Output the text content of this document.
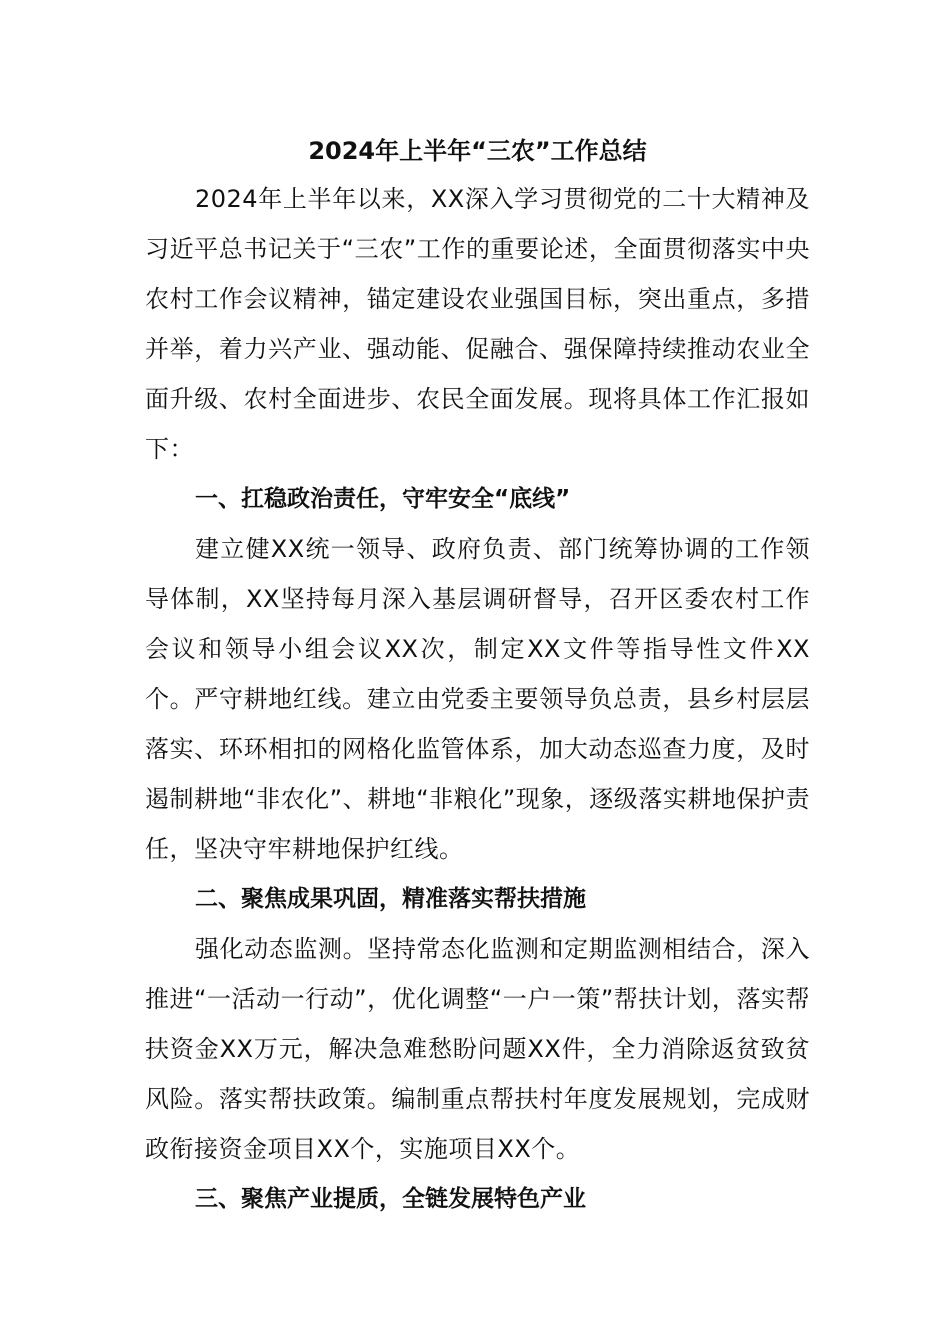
2024年上半年“三农”工作总结

2024年上半年以来，XX深入学习贯彻党的二十大精神及习近平总书记关于“三农”工作的重要论述，全面贯彻落实中央农村工作会议精神，锚定建设农业强国目标，突出重点，多措并举，着力兴产业、强动能、促融合、强保障持续推动农业全面升级、农村全面进步、农民全面发展。现将具体工作汇报如下：

一、扛稳政治责任，守牢安全“底线”

建立健XX统一领导、政府负责、部门统筹协调的工作领导体制，XX坚持每月深入基层调研督导，召开区委农村工作会议和领导小组会议XX次，制定XX文件等指导性文件XX个。严守耕地红线。建立由党委主要领导负总责，县乡村层层落实、环环相扣的网格化监管体系，加大动态巡查力度，及时遏制耕地“非农化”、耕地“非粮化”现象，逐级落实耕地保护责任，坚决守牢耕地保护红线。

二、聚焦成果巩固，精准落实帮扶措施

强化动态监测。坚持常态化监测和定期监测相结合，深入推进“一活动一行动”，优化调整“一户一策”帮扶计划，落实帮扶资金XX万元，解决急难愁盼问题XX件，全力消除返贫致贫风险。落实帮扶政策。编制重点帮扶村年度发展规划，完成财政衔接资金项目XX个，实施项目XX个。

三、聚焦产业提质，全链发展特色产业
